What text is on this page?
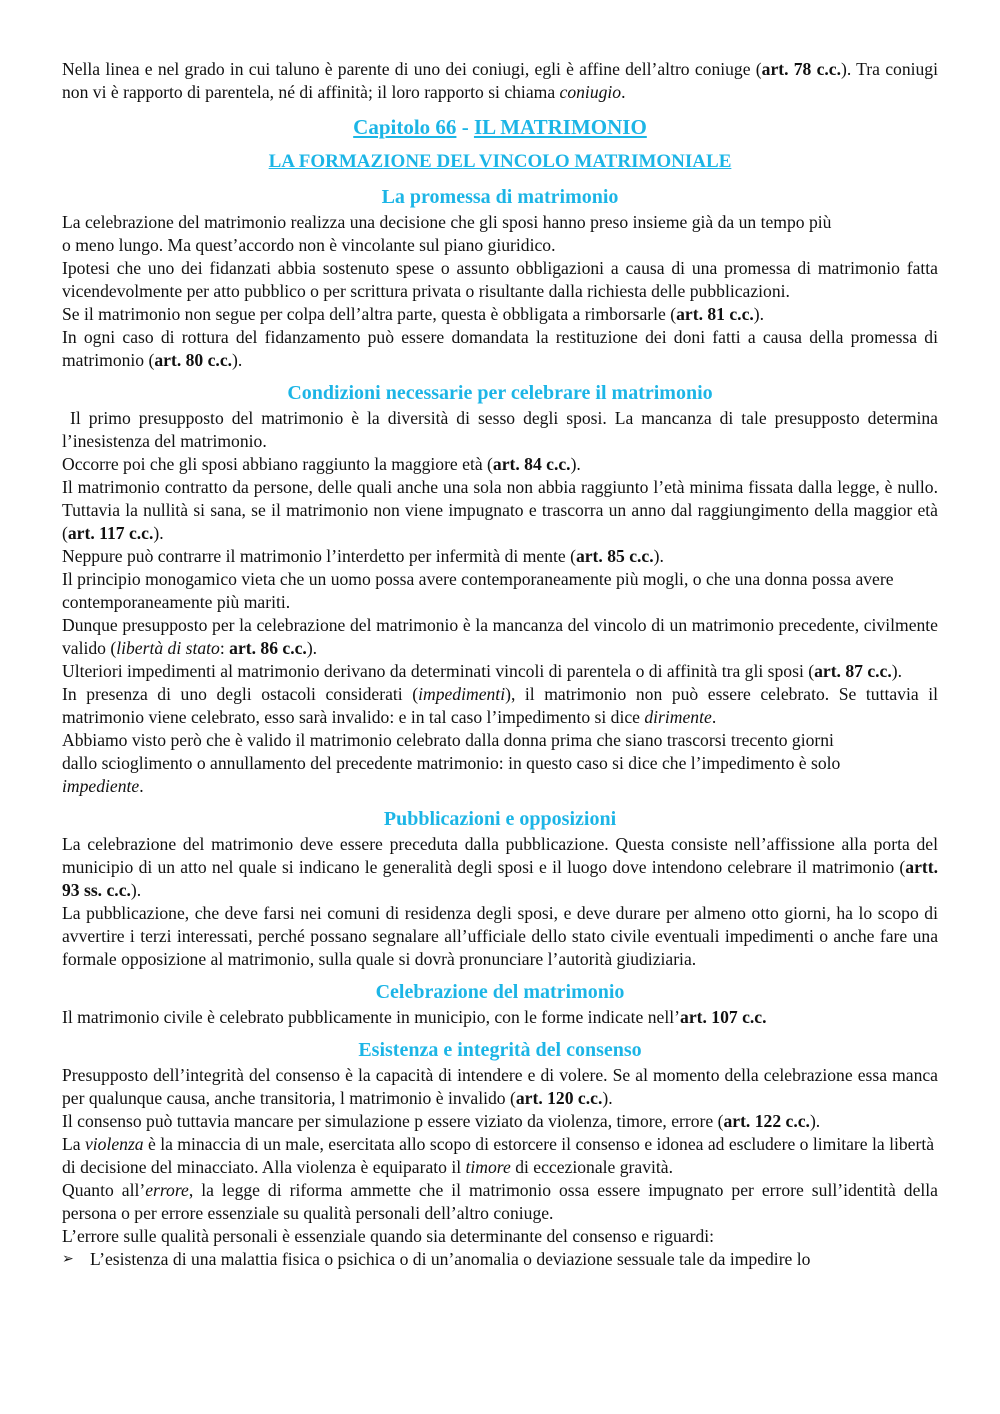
Nella linea e nel grado in cui taluno è parente di uno dei coniugi, egli è affine dell’altro coniuge (art. 78 c.c.). Tra coniugi non vi è rapporto di parentela, né di affinità; il loro rapporto si chiama coniugio.

Capitolo 66 - IL MATRIMONIO
LA FORMAZIONE DEL VINCOLO MATRIMONIALE
La promessa di matrimonio

La celebrazione del matrimonio realizza una decisione che gli sposi hanno preso insieme già da un tempo più

o meno lungo. Ma quest’accordo non è vincolante sul piano giuridico.

Ipotesi che uno dei fidanzati abbia sostenuto spese o assunto obbligazioni a causa di una promessa di matrimonio fatta vicendevolmente per atto pubblico o per scrittura privata o risultante dalla richiesta delle pubblicazioni.

Se il matrimonio non segue per colpa dell’altra parte, questa è obbligata a rimborsarle (art. 81 c.c.).

In ogni caso di rottura del fidanzamento può essere domandata la restituzione dei doni fatti a causa della promessa di matrimonio (art. 80 c.c.).

Condizioni necessarie per celebrare il matrimonio

Il primo presupposto del matrimonio è la diversità di sesso degli sposi. La mancanza di tale presupposto determina l’inesistenza del matrimonio.

Occorre poi che gli sposi abbiano raggiunto la maggiore età (art. 84 c.c.).

Il matrimonio contratto da persone, delle quali anche una sola non abbia raggiunto l’età minima fissata dalla legge, è nullo. Tuttavia la nullità si sana, se il matrimonio non viene impugnato e trascorra un anno dal raggiungimento della maggior età (art. 117 c.c.).

Neppure può contrarre il matrimonio l’interdetto per infermità di mente (art. 85 c.c.).

Il principio monogamico vieta che un uomo possa avere contemporaneamente più mogli, o che una donna possa avere contemporaneamente più mariti.

Dunque presupposto per la celebrazione del matrimonio è la mancanza del vincolo di un matrimonio precedente, civilmente valido (libertà di stato: art. 86 c.c.).

Ulteriori impedimenti al matrimonio derivano da determinati vincoli di parentela o di affinità tra gli sposi (art. 87 c.c.).

In presenza di uno degli ostacoli considerati (impedimenti), il matrimonio non può essere celebrato. Se tuttavia il matrimonio viene celebrato, esso sarà invalido: e in tal caso l’impedimento si dice dirimente.

Abbiamo visto però che è valido il matrimonio celebrato dalla donna prima che siano trascorsi trecento giorni dallo scioglimento o annullamento del precedente matrimonio: in questo caso si dice che l’impedimento è solo impediente.

Pubblicazioni e opposizioni

La celebrazione del matrimonio deve essere preceduta dalla pubblicazione. Questa consiste nell’affissione alla porta del municipio di un atto nel quale si indicano le generalità degli sposi e il luogo dove intendono celebrare il matrimonio (artt. 93 ss. c.c.).

La pubblicazione, che deve farsi nei comuni di residenza degli sposi, e deve durare per almeno otto giorni, ha lo scopo di avvertire i terzi interessati, perché possano segnalare all’ufficiale dello stato civile eventuali impedimenti o anche fare una formale opposizione al matrimonio, sulla quale si dovrà pronunciare l’autorità giudiziaria.

Celebrazione del matrimonio

Il matrimonio civile è celebrato pubblicamente in municipio, con le forme indicate nell’art. 107 c.c.

Esistenza e integrità del consenso

Presupposto dell’integrità del consenso è la capacità di intendere e di volere. Se al momento della celebrazione essa manca per qualunque causa, anche transitoria, l matrimonio è invalido (art. 120 c.c.).

Il consenso può tuttavia mancare per simulazione p essere viziato da violenza, timore, errore (art. 122 c.c.).

La violenza è la minaccia di un male, esercitata allo scopo di estorcere il consenso e idonea ad escludere o limitare la libertà di decisione del minacciato. Alla violenza è equiparato il timore di eccezionale gravità.

Quanto all’errore, la legge di riforma ammette che il matrimonio ossa essere impugnato per errore sull’identità della persona o per errore essenziale su qualità personali dell’altro coniuge.

L’errore sulle qualità personali è essenziale quando sia determinante del consenso e riguardi:

➢ L’esistenza di una malattia fisica o psichica o di un’anomalia o deviazione sessuale tale da impedire lo
